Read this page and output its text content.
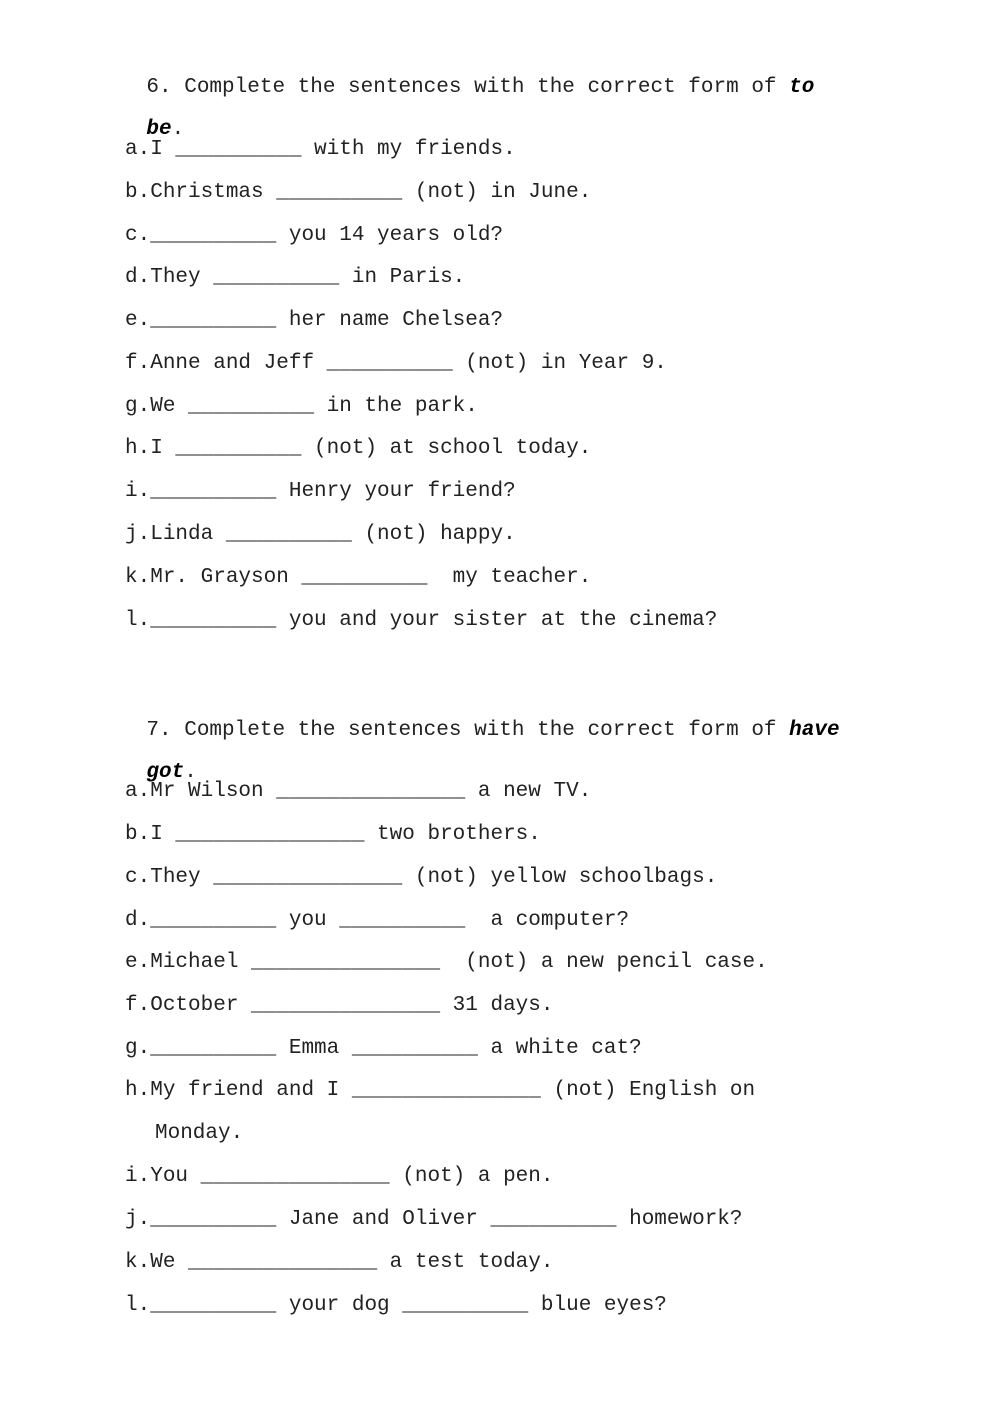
6. Complete the sentences with the correct form of to

be.

a.I __________ with my friends.
b.Christmas __________ (not) in June.
c.__________ you 14 years old?
d.They __________ in Paris.
e.__________ her name Chelsea?
f.Anne and Jeff __________ (not) in Year 9.
g.We __________ in the park.
h.I __________ (not) at school today.
i.__________ Henry your friend?
j.Linda __________ (not) happy.
k.Mr. Grayson __________  my teacher.
l.__________ you and your sister at the cinema?

7. Complete the sentences with the correct form of have

got.

a.Mr Wilson _______________ a new TV.
b.I _______________ two brothers.
c.They _______________ (not) yellow schoolbags.
d.__________ you __________  a computer?
e.Michael _______________  (not) a new pencil case.
f.October _______________ 31 days.
g.__________ Emma __________ a white cat?
h.My friend and I _______________ (not) English on
Monday.
i.You _______________ (not) a pen.
j.__________ Jane and Oliver __________ homework?
k.We _______________ a test today.
l.__________ your dog __________ blue eyes?
